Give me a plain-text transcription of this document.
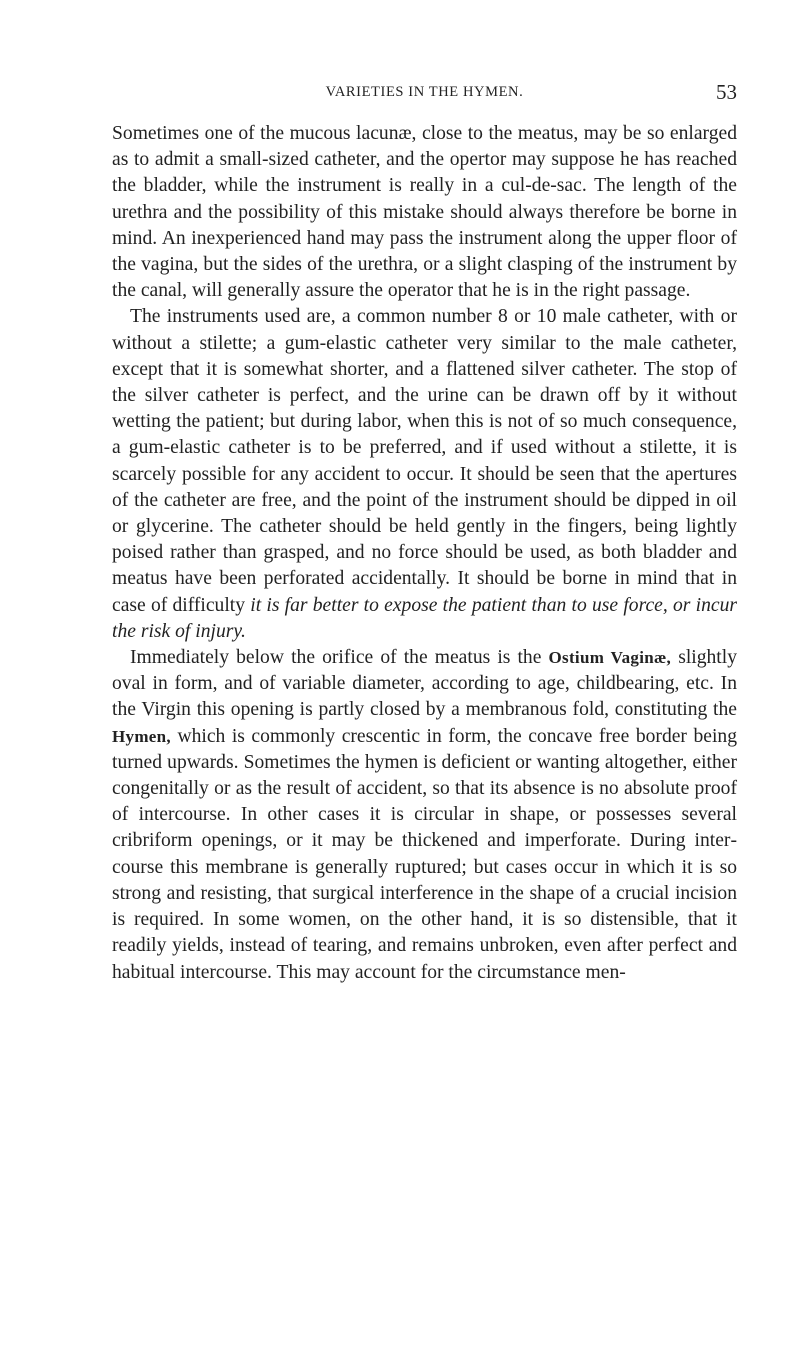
VARIETIES IN THE HYMEN.	53

Sometimes one of the mucous lacunæ, close to the meatus, may be so enlarged as to admit a small-sized catheter, and the opertor may suppose he has reached the bladder, while the instrument is really in a cul-de-sac. The length of the urethra and the possibility of this mistake should always therefore be borne in mind. An inexperienced hand may pass the instrument along the upper floor of the vagina, but the sides of the urethra, or a slight clasping of the instrument by the canal, will generally assure the operator that he is in the right passage.

The instruments used are, a common number 8 or 10 male catheter, with or without a stilette; a gum-elastic catheter very similar to the male catheter, except that it is somewhat shorter, and a flattened silver catheter. The stop of the silver catheter is perfect, and the urine can be drawn off by it without wetting the patient; but during labor, when this is not of so much consequence, a gum-elastic catheter is to be preferred, and if used without a stilette, it is scarcely possible for any accident to occur. It should be seen that the apertures of the catheter are free, and the point of the instrument should be dipped in oil or glycerine. The catheter should be held gently in the fingers, being lightly poised rather than grasped, and no force should be used, as both bladder and meatus have been perforated accidentally. It should be borne in mind that in case of difficulty it is far better to expose the patient than to use force, or incur the risk of injury.

Immediately below the orifice of the meatus is the Ostium Vaginæ, slightly oval in form, and of variable diameter, according to age, childbearing, etc. In the Virgin this opening is partly closed by a membranous fold, constituting the Hymen, which is commonly crescentic in form, the concave free border being turned upwards. Sometimes the hymen is deficient or wanting altogether, either congenitally or as the result of accident, so that its absence is no absolute proof of intercourse. In other cases it is circular in shape, or possesses several cribriform openings, or it may be thickened and imperforate. During intercourse this membrane is generally ruptured; but cases occur in which it is so strong and resisting, that surgical interference in the shape of a crucial incision is required. In some women, on the other hand, it is so distensible, that it readily yields, instead of tearing, and remains unbroken, even after perfect and habitual intercourse. This may account for the circumstance men-
